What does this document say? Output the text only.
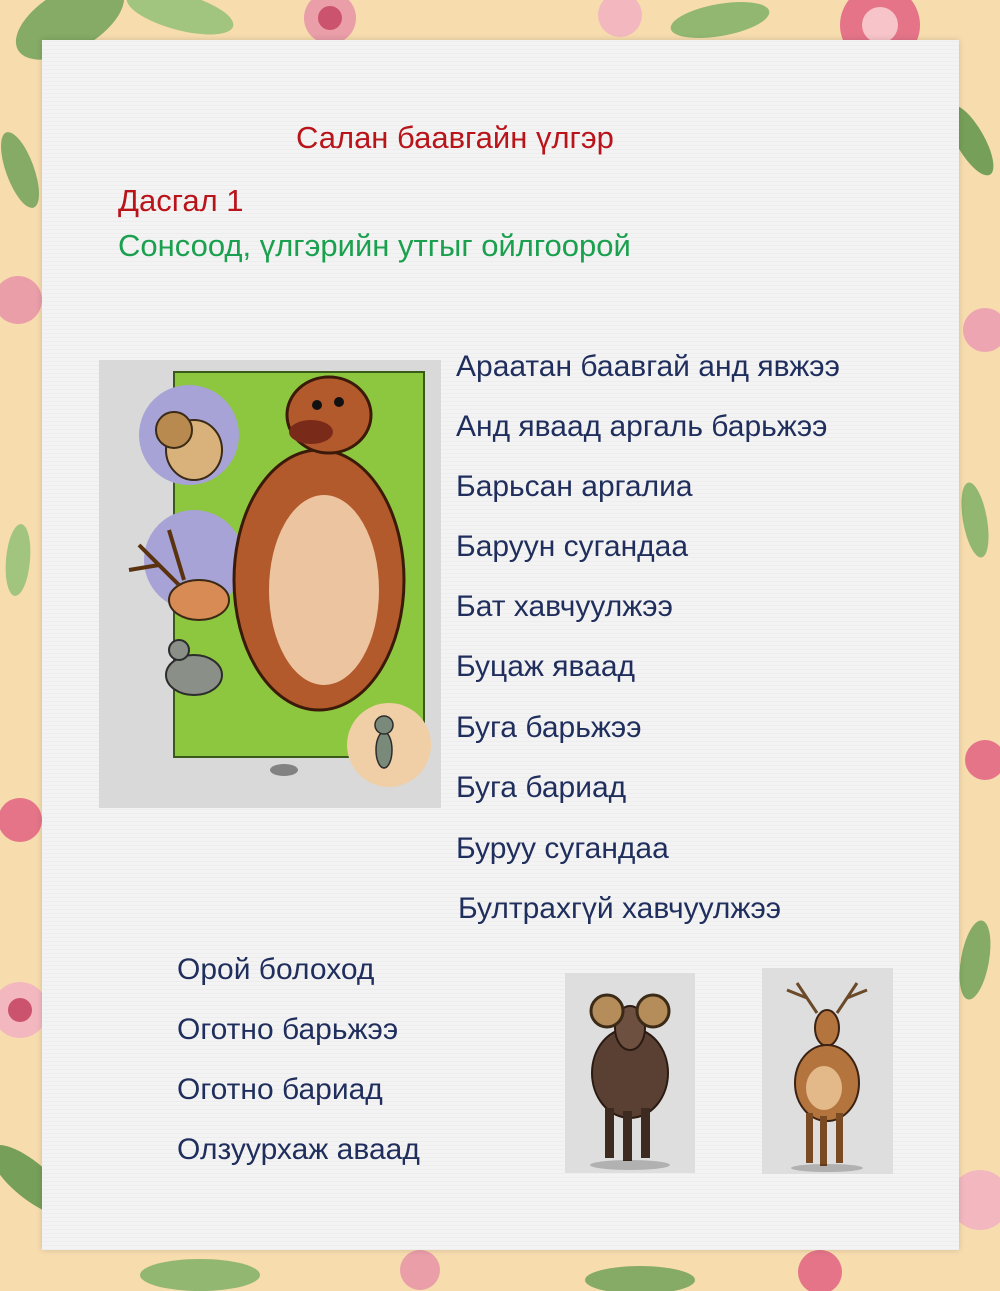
Салан баавгайн үлгэр
Дасгал 1
Сонсоод, үлгэрийн утгыг ойлгоорой
Араатан баавгай анд явжээ
Анд яваад аргаль барьжээ
Барьсан аргалиа
Баруун сугандаа
Бат хавчуулжээ
Буцаж яваад
Буга барьжээ
Буга бариад
Буруу сугандаа
Бултрахгүй хавчуулжээ
Орой болоход
Оготно барьжээ
Оготно бариад
Олзуурхаж аваад
